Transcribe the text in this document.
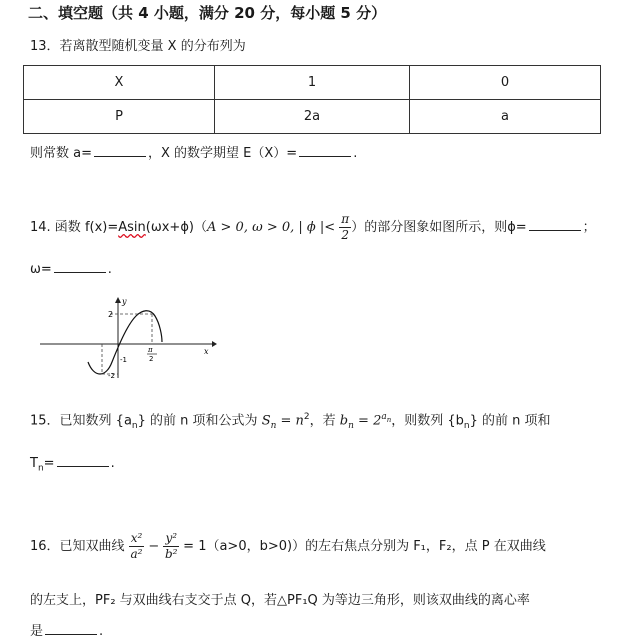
二、填空题（共 4 小题，满分 20 分，每小题 5 分）
13．若离散型随机变量 X 的分布列为
X	1	0
P	2a	a
则常数 a=	，X 的数学期望 E（X）=	.
14. 函数 f(x)=Asin(ωx+ϕ)（A > 0, ω > 0, | ϕ |< $\frac{\pi}{2}$ ）的部分图象如图所示，则ϕ=	；
ω=	.
y
x
2
-1
-2
π
2
15．已知数列 $\{a_n\}$ 的前 n 项和公式为 $S_n = n^2$，若 $b_n = 2^{a_n}$，则数列 $\{b_n\}$ 的前 n 项和
$T_n=$	.
16．已知双曲线 $\frac{\text{x²}}{\text{a²}} - \frac{\text{y²}}{\text{b²}} = 1(a>0$，b>0)）的左右焦点分别为 F₁，F₂，点 P 在双曲线
的左支上，PF₂ 与双曲线右支交于点 Q，若△PF₁Q 为等边三角形，则该双曲线的离心率
是	.
